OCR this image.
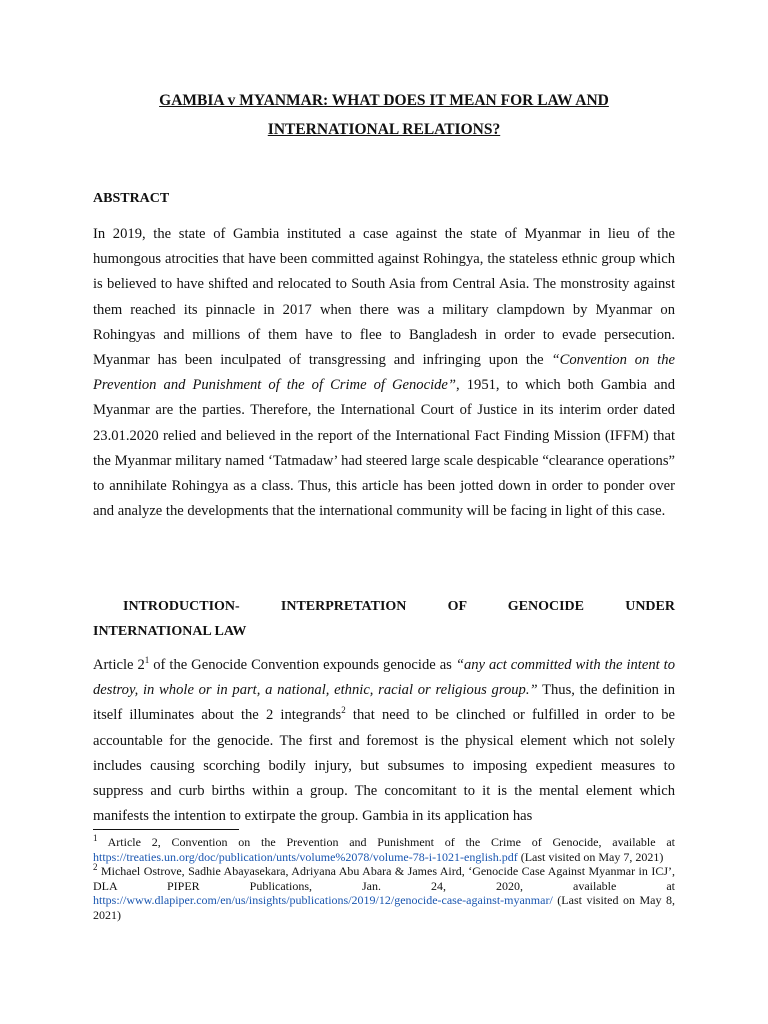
GAMBIA v MYANMAR: WHAT DOES IT MEAN FOR LAW AND
INTERNATIONAL RELATIONS?
ABSTRACT

In 2019, the state of Gambia instituted a case against the state of Myanmar in lieu of the humongous atrocities that have been committed against Rohingya, the stateless ethnic group which is believed to have shifted and relocated to South Asia from Central Asia. The monstrosity against them reached its pinnacle in 2017 when there was a military clampdown by Myanmar on Rohingyas and millions of them have to flee to Bangladesh in order to evade persecution. Myanmar has been inculpated of transgressing and infringing upon the “Convention on the Prevention and Punishment of the of Crime of Genocide”, 1951, to which both Gambia and Myanmar are the parties. Therefore, the International Court of Justice in its interim order dated 23.01.2020 relied and believed in the report of the International Fact Finding Mission (IFFM) that the Myanmar military named ‘Tatmadaw’ had steered large scale despicable “clearance operations” to annihilate Rohingya as a class. Thus, this article has been jotted down in order to ponder over and analyze the developments that the international community will be facing in light of this case.

INTRODUCTION- INTERPRETATION OF GENOCIDE UNDER
INTERNATIONAL LAW

Article $2^1$ of the Genocide Convention expounds genocide as “any act committed with the intent to destroy, in whole or in part, a national, ethnic, racial or religious group.” Thus, the definition in itself illuminates about the 2 integrands$^2$ that need to be clinched or fulfilled in order to be accountable for the genocide. The first and foremost is the physical element which not solely includes causing scorching bodily injury, but subsumes to imposing expedient measures to suppress and curb births within a group. The concomitant to it is the mental element which manifests the intention to extirpate the group. Gambia in its application has

$^1$ Article 2, Convention on the Prevention and Punishment of the Crime of Genocide, available at https://treaties.un.org/doc/publication/unts/volume%2078/volume-78-i-1021-english.pdf (Last visited on May 7, 2021)

$^2$ Michael Ostrove, Sadhie Abayasekara, Adriyana Abu Abara & James Aird, ‘Genocide Case Against Myanmar in ICJ’, DLA PIPER Publications, Jan. 24, 2020, available at https://www.dlapiper.com/en/us/insights/publications/2019/12/genocide-case-against-myanmar/ (Last visited on May 8, 2021)
